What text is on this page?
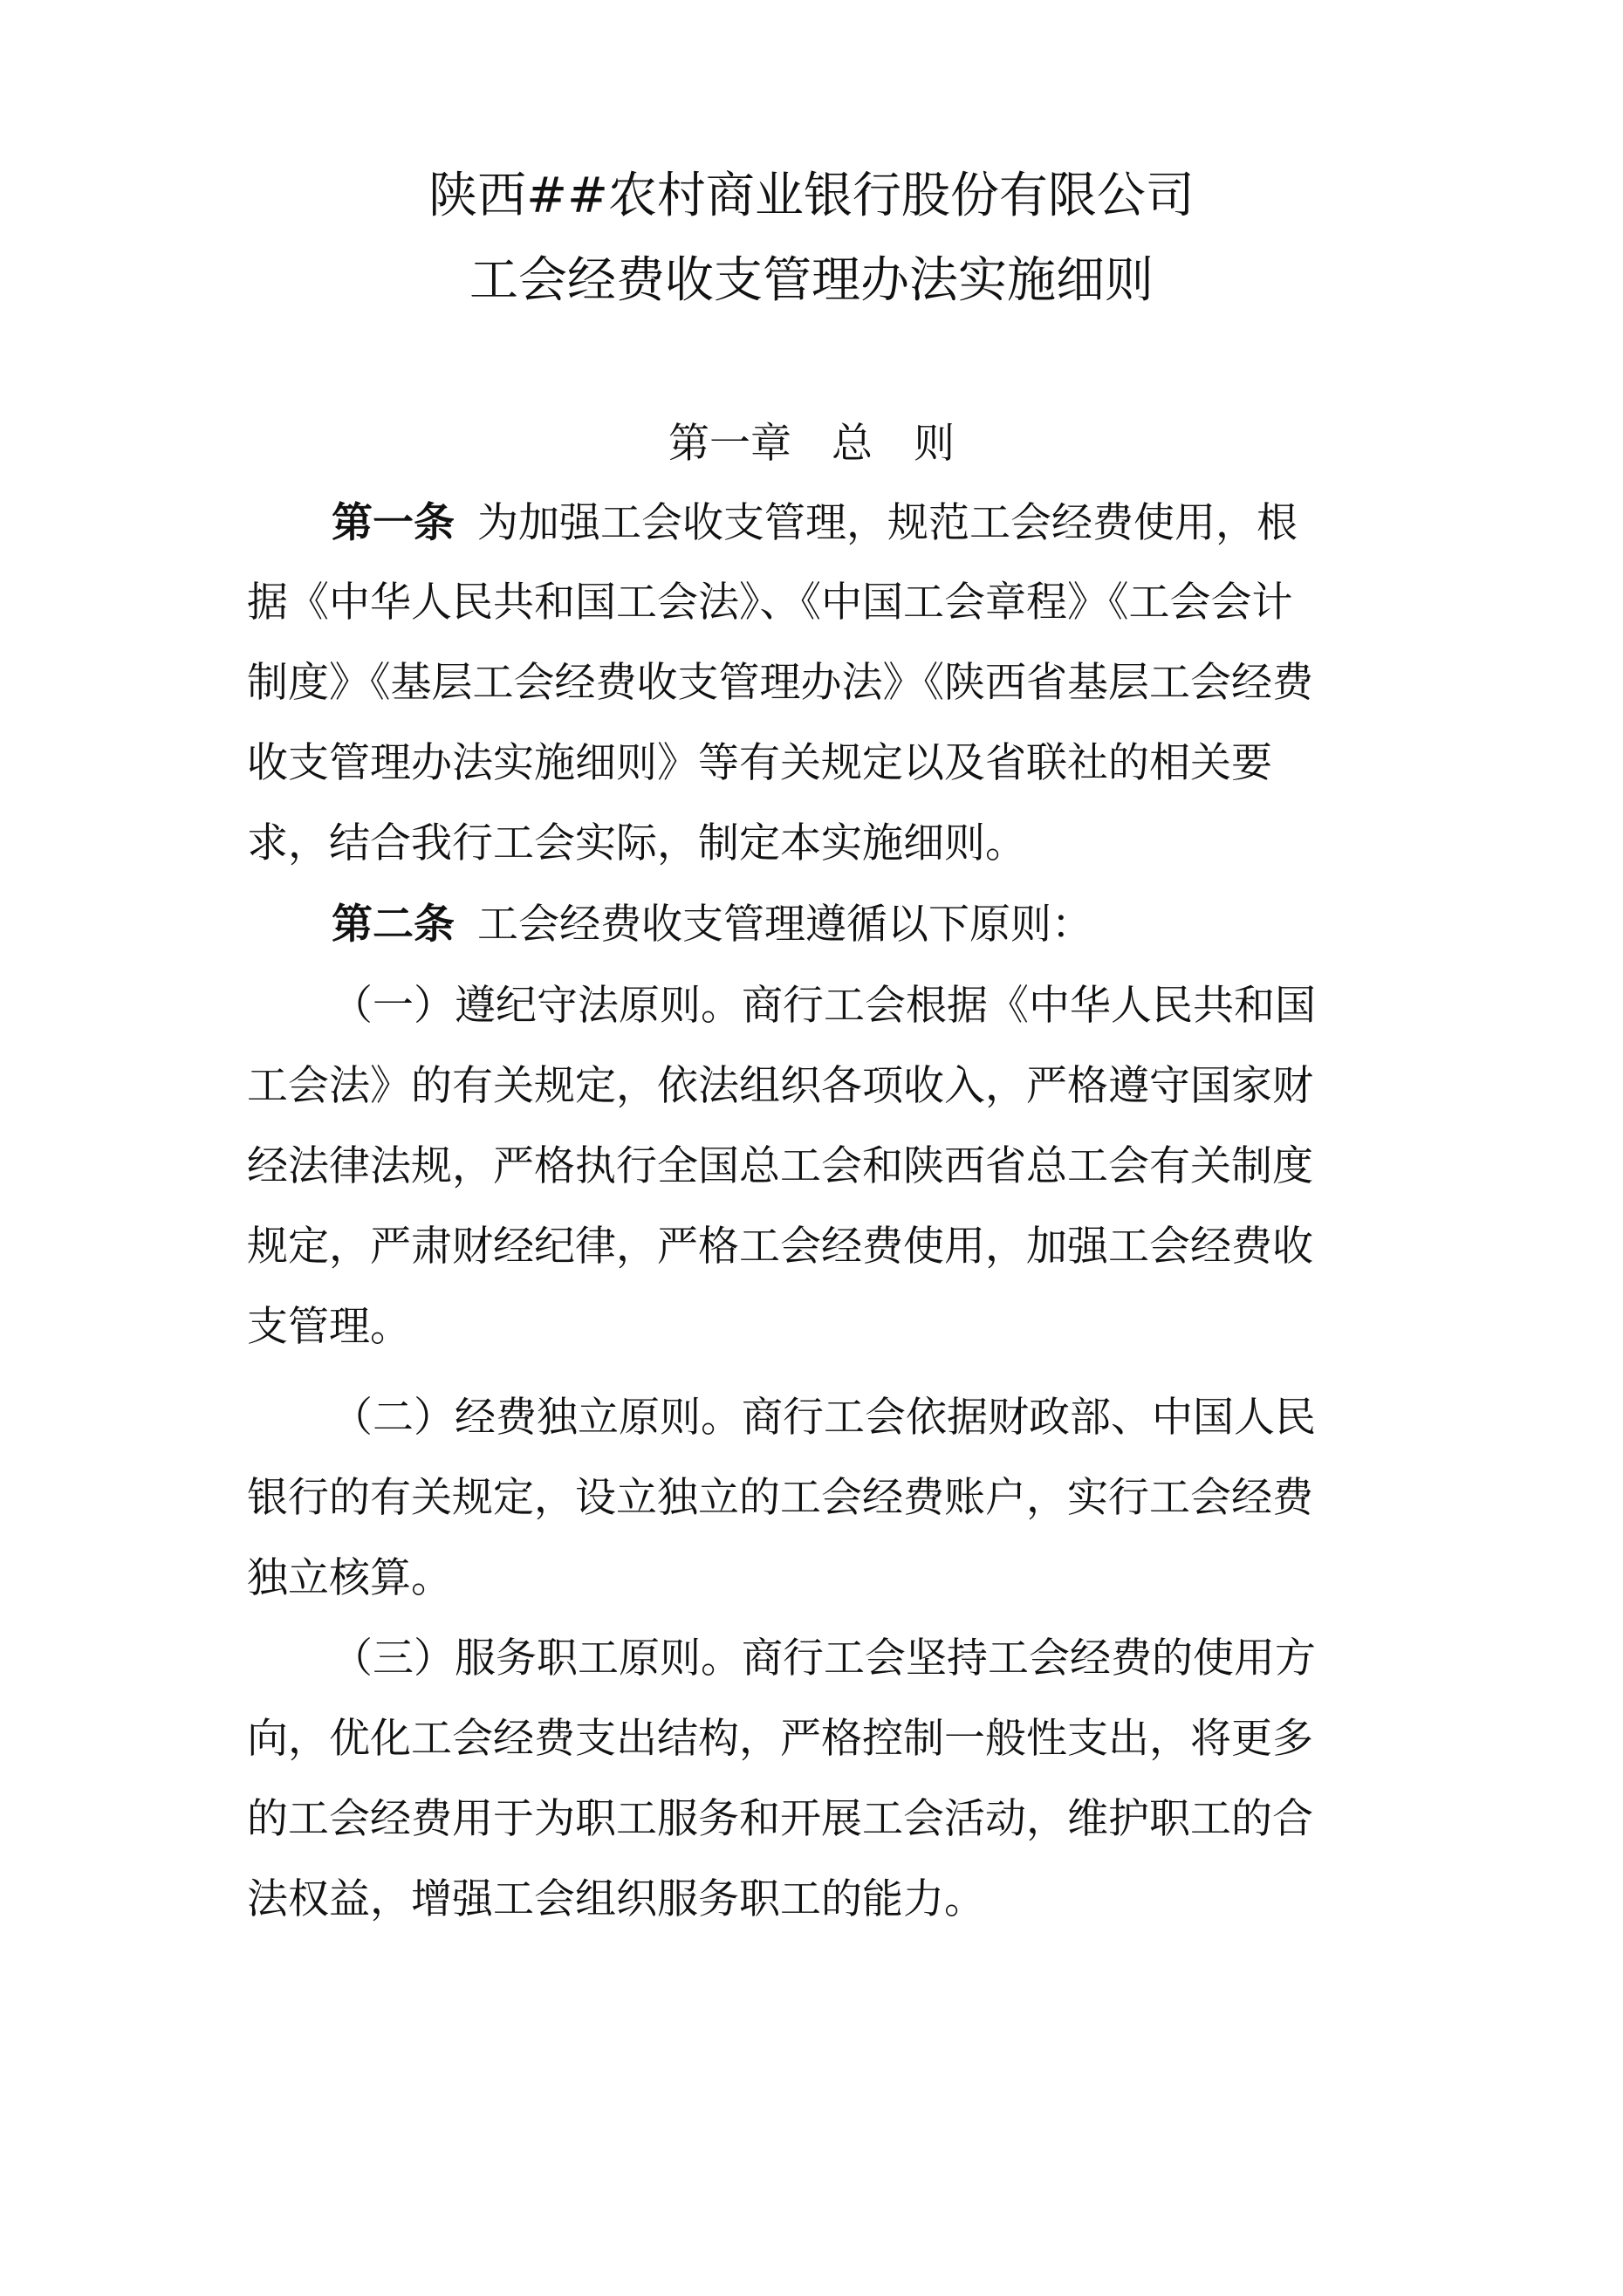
陕西##农村商业银行股份有限公司
工会经费收支管理办法实施细则
第一章 总　则
第一条 为加强工会收支管理，规范工会经费使用，根
据《中华人民共和国工会法》、《中国工会章程》《工会会计
制度》《基层工会经费收支管理办法》《陕西省基层工会经费
收支管理办法实施细则》等有关规定以及省联社的相关要
求，结合我行工会实际，制定本实施细则。
第二条 工会经费收支管理遵循以下原则：
（一）遵纪守法原则。商行工会根据《中华人民共和国
工会法》的有关规定，依法组织各项收入，严格遵守国家财
经法律法规，严格执行全国总工会和陕西省总工会有关制度
规定，严肃财经纪律，严格工会经费使用，加强工会经费收
支管理。
（二）经费独立原则。商行工会依据财政部、中国人民
银行的有关规定，设立独立的工会经费账户，实行工会经费
独立核算。
（三）服务职工原则。商行工会坚持工会经费的使用方
向，优化工会经费支出结构，严格控制一般性支出，将更多
的工会经费用于为职工服务和开展工会活动，维护职工的合
法权益，增强工会组织服务职工的能力。
